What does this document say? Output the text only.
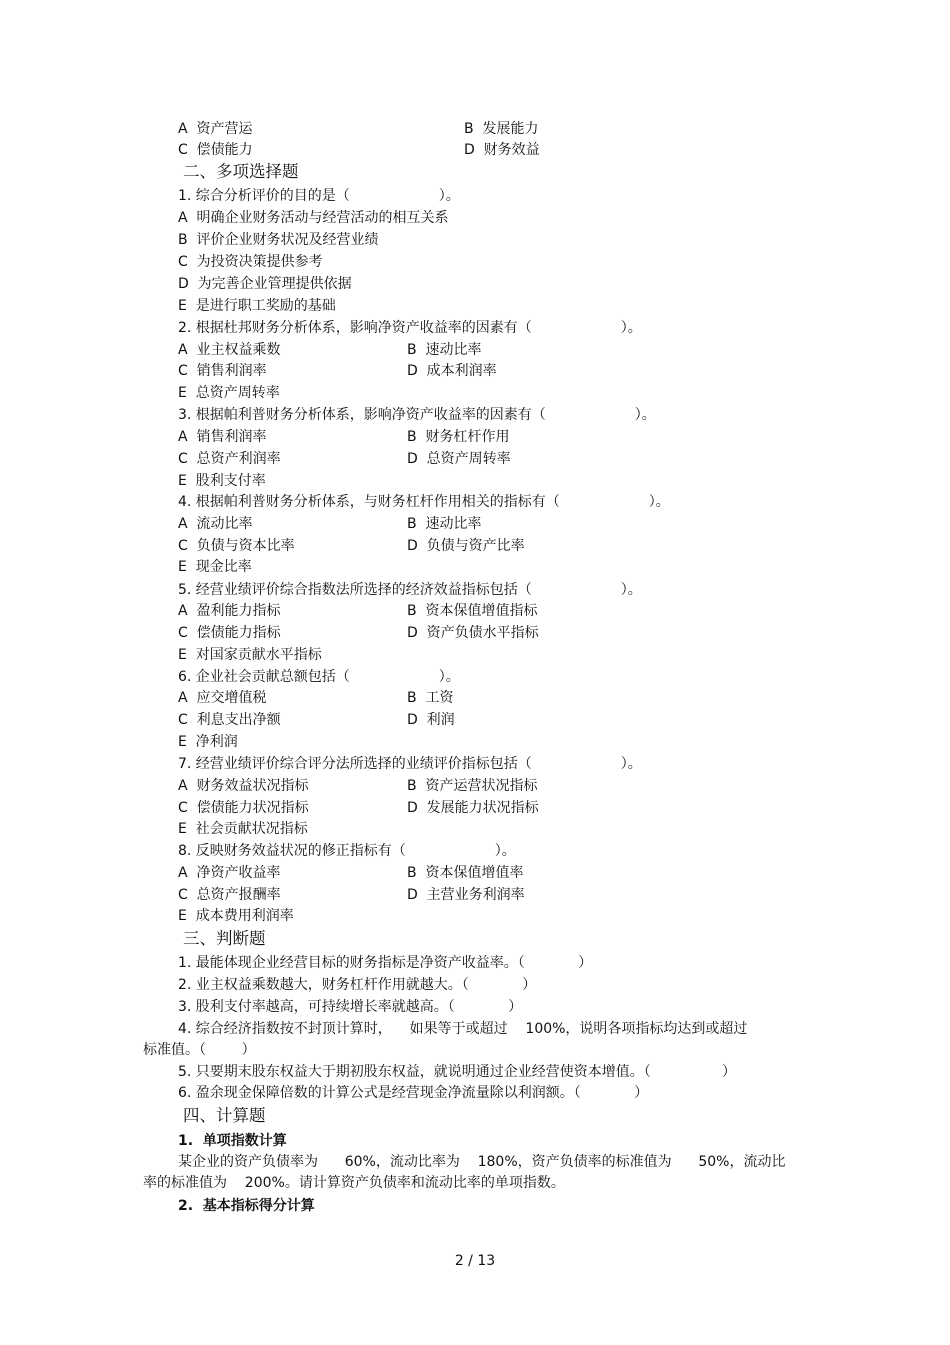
A  资产营运	B  发展能力
C  偿债能力	D  财务效益
二、多项选择题
1. 综合分析评价的目的是（                    ）。
A  明确企业财务活动与经营活动的相互关系
B  评价企业财务状况及经营业绩
C  为投资决策提供参考
D  为完善企业管理提供依据
E  是进行职工奖励的基础
2. 根据杜邦财务分析体系，影响净资产收益率的因素有（                    ）。
A  业主权益乘数	B  速动比率
C  销售利润率	D  成本利润率
E  总资产周转率
3. 根据帕利普财务分析体系，影响净资产收益率的因素有（                    ）。
A  销售利润率	B  财务杠杆作用
C  总资产利润率	D  总资产周转率
E  股利支付率
4. 根据帕利普财务分析体系，与财务杠杆作用相关的指标有（                    ）。
A  流动比率	B  速动比率
C  负债与资本比率	D  负债与资产比率
E  现金比率
5. 经营业绩评价综合指数法所选择的经济效益指标包括（                    ）。
A  盈利能力指标	B  资本保值增值指标
C  偿债能力指标	D  资产负债水平指标
E  对国家贡献水平指标
6. 企业社会贡献总额包括（                    ）。
A  应交增值税	B  工资
C  利息支出净额	D  利润
E  净利润
7. 经营业绩评价综合评分法所选择的业绩评价指标包括（                    ）。
A  财务效益状况指标	B  资产运营状况指标
C  偿债能力状况指标	D  发展能力状况指标
E  社会贡献状况指标
8. 反映财务效益状况的修正指标有（                    ）。
A  净资产收益率	B  资本保值增值率
C  总资产报酬率	D  主营业务利润率
E  成本费用利润率
三、判断题
1. 最能体现企业经营目标的财务指标是净资产收益率。（            ）
2. 业主权益乘数越大，财务杠杆作用就越大。（            ）
3. 股利支付率越高，可持续增长率就越高。（            ）
4. 综合经济指数按不封顶计算时，    如果等于或超过    100%，说明各项指标均达到或超过
标准值。（        ）
5. 只要期末股东权益大于期初股东权益，就说明通过企业经营使资本增值。（                ）
6. 盈余现金保障倍数的计算公式是经营现金净流量除以利润额。（            ）
四、计算题
1.  单项指数计算
某企业的资产负债率为      60%，流动比率为    180%，资产负债率的标准值为      50%，流动比
率的标准值为    200%。请计算资产负债率和流动比率的单项指数。
2.  基本指标得分计算
2 / 13
